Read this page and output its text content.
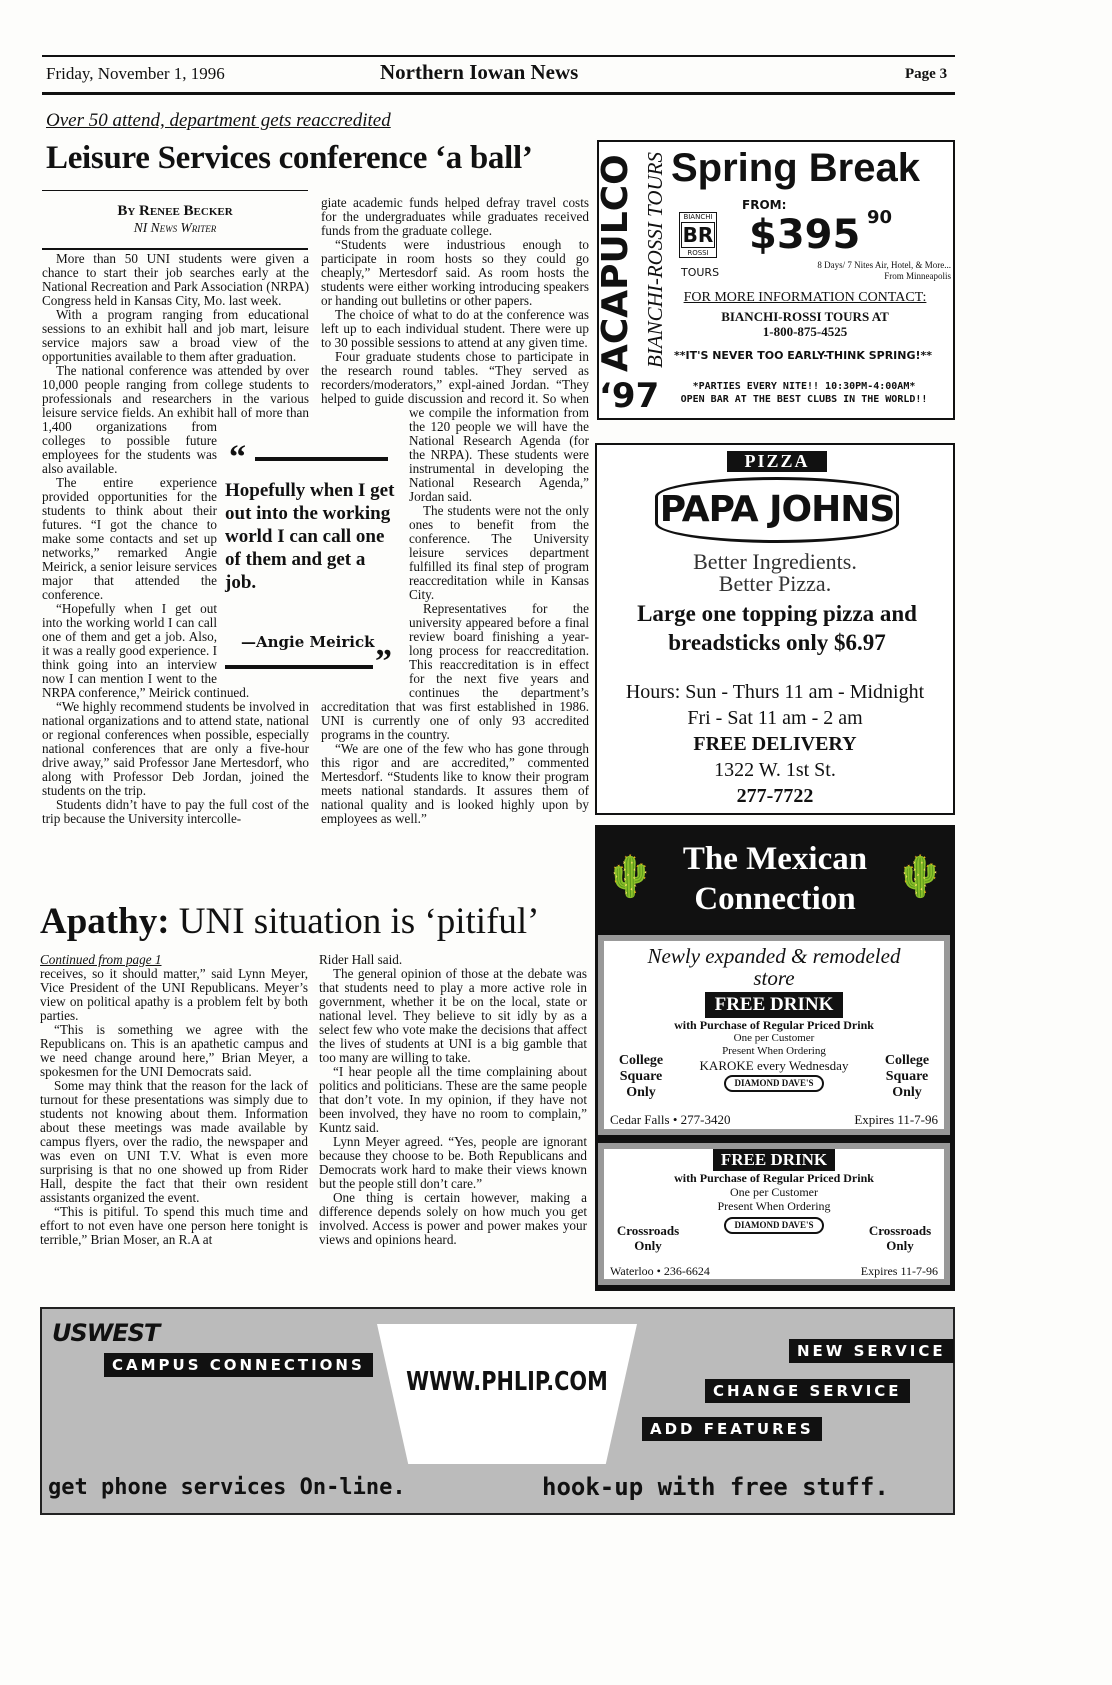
Friday, November 1, 1996	Northern Iowan News	Page 3
Over 50 attend, department gets reaccredited
Leisure Services conference ‘a ball’
By Renee Becker
NI News Writer

More than 50 UNI students were given a chance to start their job searches early at the National Recreation and Park Association (NRPA) Congress held in Kansas City, Mo. last week.

With a program ranging from educational sessions to an exhibit hall and job mart, leisure service majors saw a broad view of the opportunities available to them after graduation.

The national conference was attended by over 10,000 people ranging from college students to professionals and researchers in the various leisure service fields. An exhibit hall of more than 1,400 organizations from colleges to possible future employees for the students was also available.

The entire experience provided opportunities for the students to think about their futures. “I got the chance to make some contacts and set up networks,” remarked Angie Meirick, a senior leisure services major that attended the conference.

“Hopefully when I get out into the working world I can call one of them and get a job. Also, it was a really good experience. I think going into an interview now I can mention I went to the NRPA conference,” Meirick continued.

“We highly recommend students be involved in national organizations and to attend state, national or regional conferences when possible, especially national conferences that are only a five-hour drive away,” said Professor Jane Mertesdorf, who along with Professor Deb Jordan, joined the students on the trip.

Students didn’t have to pay the full cost of the trip because the University intercolle-

giate academic funds helped defray travel costs for the undergraduates while graduates received funds from the graduate college.

“Students were industrious enough to participate in room hosts so they could go cheaply,” Mertesdorf said. As room hosts the students were either working introducing speakers or handing out bulletins or other papers.

The choice of what to do at the conference was left up to each individual student. There were up to 30 possible sessions to attend at any given time.

Four graduate students chose to participate in the research round tables. “They served as recorders/moderators,” expl-ained Jordan. “They helped to guide discussion and record it. So when we compile the information from the 120 people we will have the National Research Agenda (for the NRPA). These students were instrumental in developing the National Research Agenda,” Jordan said.

The students were not the only ones to benefit from the conference. The University leisure services department fulfilled its final step of program reaccreditation while in Kansas City.

Representatives for the university appeared before a final review board finishing a year-long process for reaccreditation. This reaccreditation is in effect for the next five years and continues the department’s accreditation that was first established in 1986. UNI is currently one of only 93 accredited programs in the country.

“We are one of the few who has gone through this rigor and are accredited,” commented Mertesdorf. “Students like to know their program meets national standards. It assures them of national quality and is looked highly upon by employees as well.”

“
Hopefully when I get out into the working world I can call one of them and get a job.
—Angie Meirick
”
Apathy: UNI situation is ‘pitiful’
Continued from page 1

receives, so it should matter,” said Lynn Meyer, Vice President of the UNI Republicans. Meyer’s view on political apathy is a problem felt by both parties.

“This is something we agree with the Republicans on. This is an apathetic campus and we need change around here,” Brian Meyer, a spokesmen for the UNI Democrats said.

Some may think that the reason for the lack of turnout for these presentations was simply due to students not knowing about them. Information about these meetings was made available by campus flyers, over the radio, the newspaper and was even on UNI T.V. What is even more surprising is that no one showed up from Rider Hall, despite the fact that their own resident assistants organized the event.

“This is pitiful. To spend this much time and effort to not even have one person here tonight is terrible,” Brian Moser, an R.A at

Rider Hall said.

The general opinion of those at the debate was that students need to play a more active role in government, whether it be on the local, state or national level. They believe to sit idly by as a select few who vote make the decisions that affect the lives of students at UNI is a big gamble that too many are willing to take.

“I hear people all the time complaining about politics and politicians. These are the same people that don’t vote. In my opinion, if they have not been involved, they have no room to complain,” Kuntz said.

Lynn Meyer agreed. “Yes, people are ignorant because they choose to be. Both Republicans and Democrats work hard to make their views known but the people still don’t care.”

One thing is certain however, making a difference depends solely on how much you get involved. Access is power and power makes your views and opinions heard.

ACAPULCO BIANCHI-ROSSI TOURS
‘97
Spring Break
BIANCHI
BR
ROSSI
TOURS
FROM:
$395 90
8 Days/ 7 Nites Air, Hotel, & More... From Minneapolis
FOR MORE INFORMATION CONTACT:
BIANCHI-ROSSI TOURS AT
1-800-875-4525
**IT'S NEVER TOO EARLY-THINK SPRING!**
*PARTIES EVERY NITE!! 10:30PM-4:00AM*
OPEN BAR AT THE BEST CLUBS IN THE WORLD!!
PIZZA
PAPA JOHNS
Better Ingredients.
Better Pizza.
Large one topping pizza and breadsticks only $6.97
Hours: Sun - Thurs 11 am - Midnight
Fri - Sat 11 am - 2 am
FREE DELIVERY
1322 W. 1st St.
277-7722
🌵	🌵
The Mexican Connection
Newly expanded & remodeled store
FREE DRINK
with Purchase of Regular Priced Drink
One per Customer
Present When Ordering
KAROKE every Wednesday
DIAMOND DAVE'S
College Square Only
College Square Only
Cedar Falls • 277-3420	Expires 11-7-96
FREE DRINK
with Purchase of Regular Priced Drink
One per Customer
Present When Ordering
DIAMOND DAVE'S
Crossroads Only
Crossroads Only
Waterloo • 236-6624	Expires 11-7-96
USWEST
CAMPUS CONNECTIONS
WWW.PHLIP.COM
NEW SERVICE
CHANGE SERVICE
ADD FEATURES
get phone services On-line.	hook-up with free stuff.
